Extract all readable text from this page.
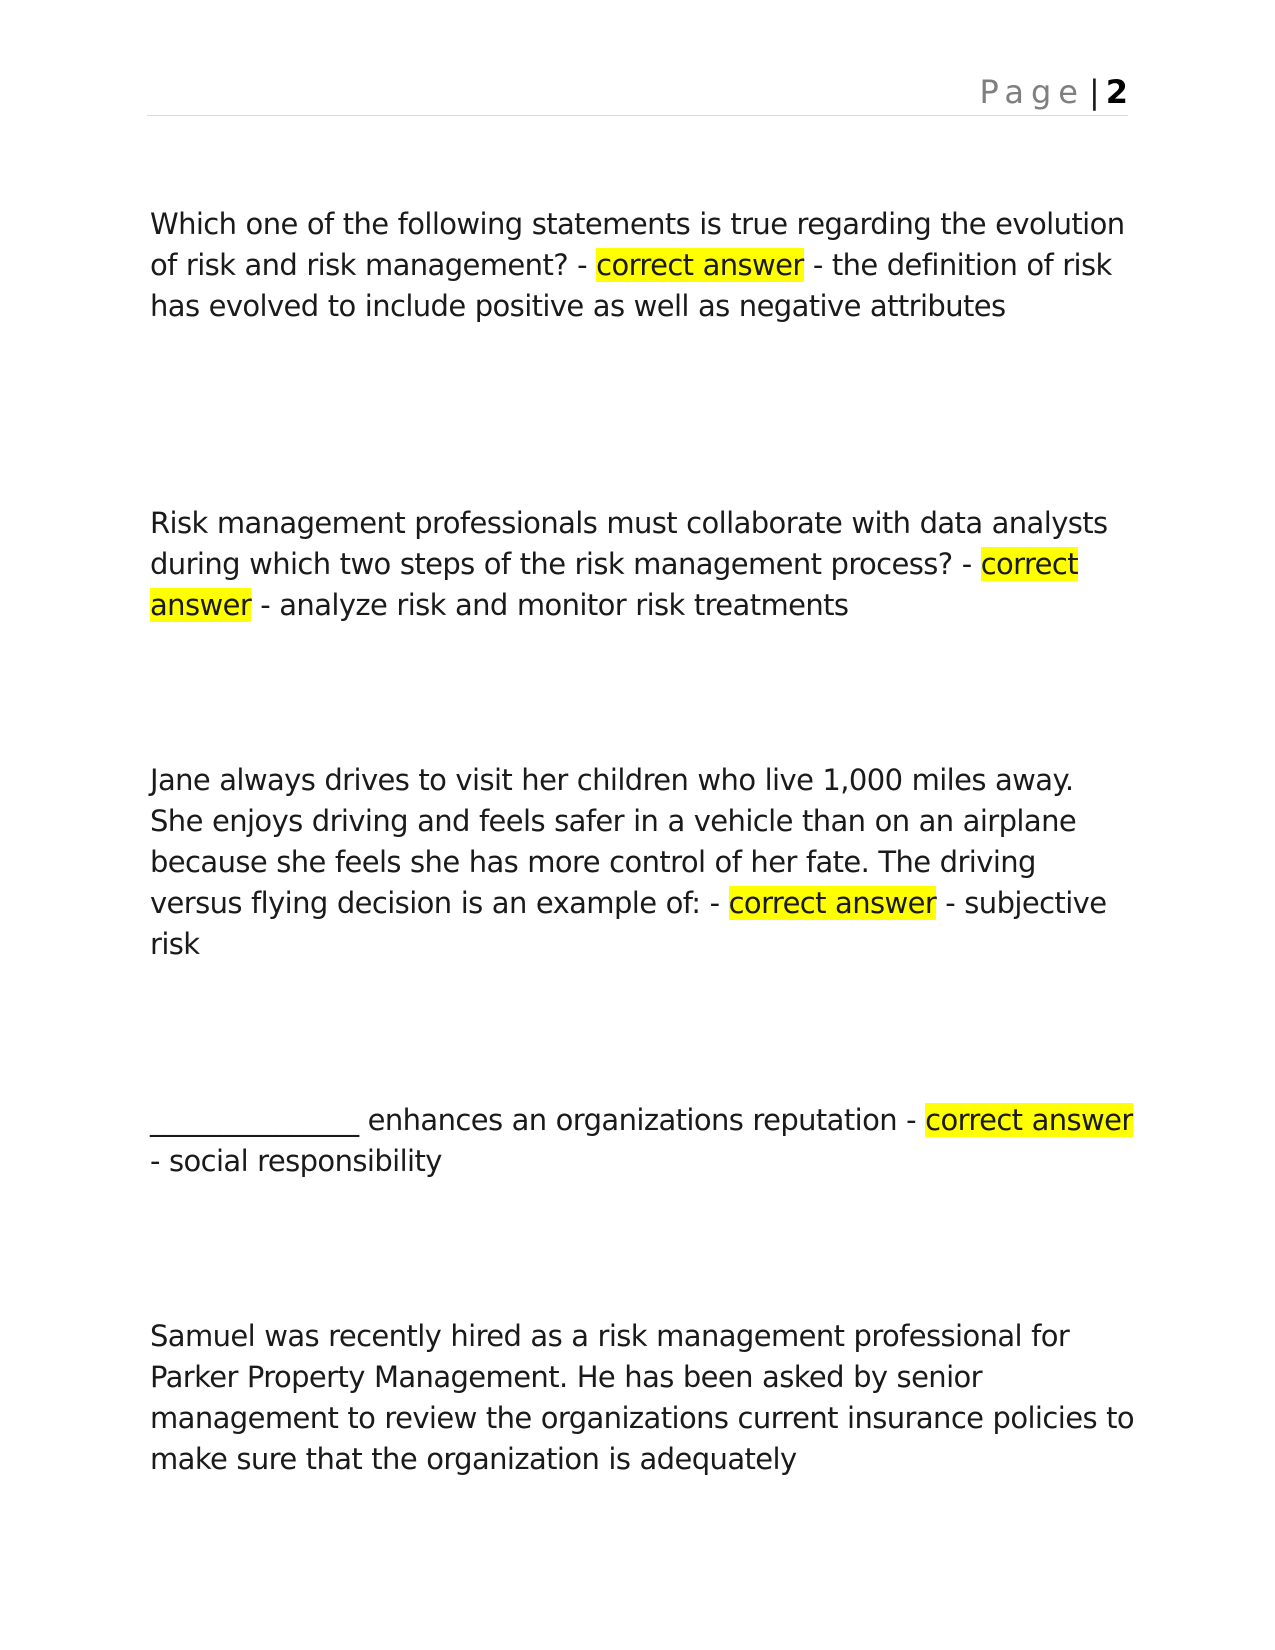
Page | 2

Which one of the following statements is true regarding the evolution of risk and risk management? - correct answer - the definition of risk has evolved to include positive as well as negative attributes

Risk management professionals must collaborate with data analysts during which two steps of the risk management process? - correct answer - analyze risk and monitor risk treatments

Jane always drives to visit her children who live 1,000 miles away. She enjoys driving and feels safer in a vehicle than on an airplane because she feels she has more control of her fate. The driving versus flying decision is an example of: - correct answer - subjective risk

_______________ enhances an organizations reputation - correct answer - social responsibility

Samuel was recently hired as a risk management professional for Parker Property Management. He has been asked by senior management to review the organizations current insurance policies to make sure that the organization is adequately
